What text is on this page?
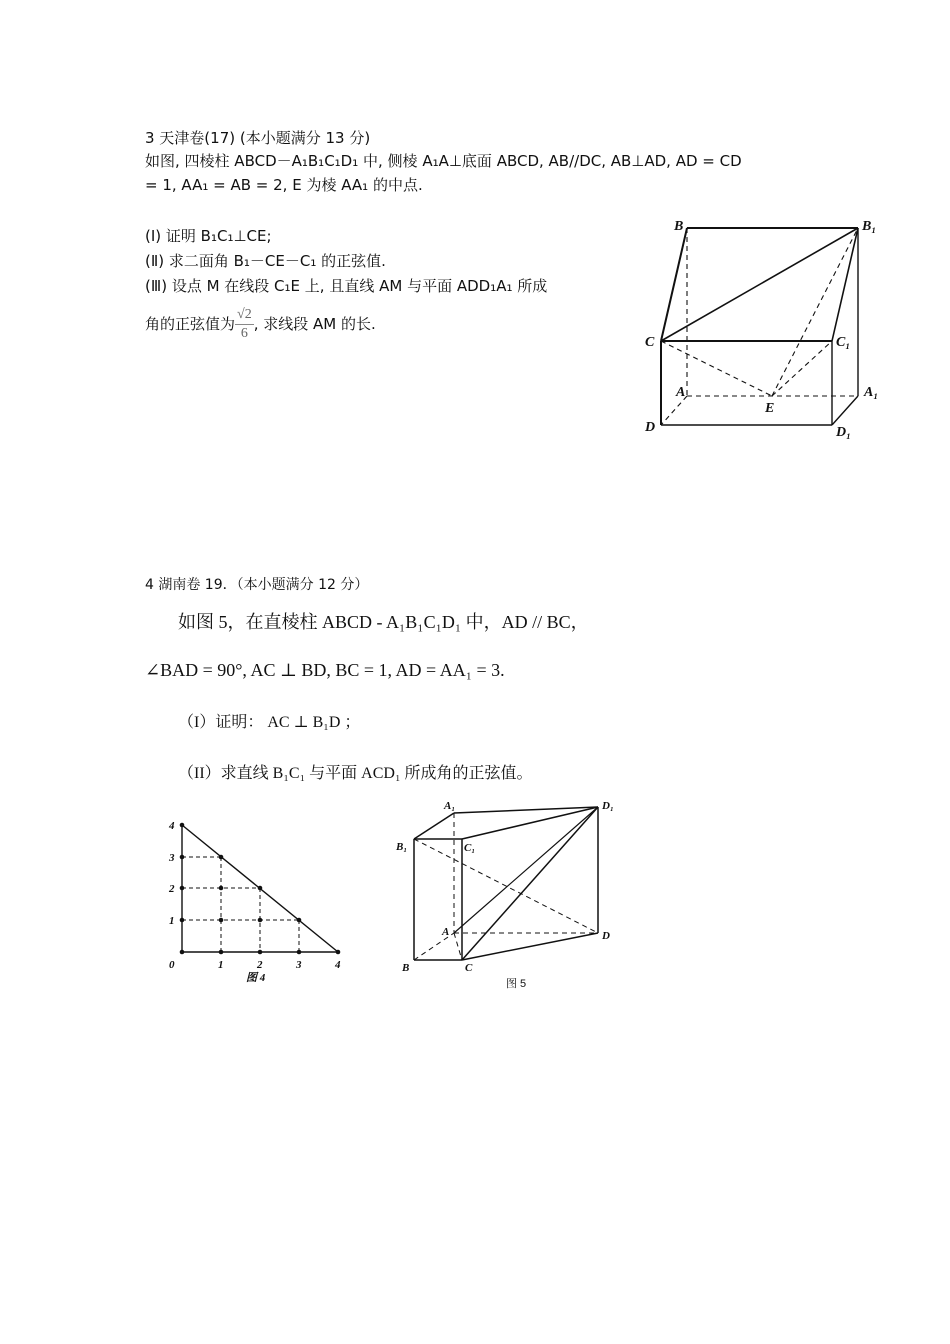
3 天津卷(17) (本小题满分 13 分)
如图, 四棱柱 ABCD－A₁B₁C₁D₁ 中, 侧棱 A₁A⊥底面 ABCD, AB//DC, AB⊥AD, AD = CD
= 1, AA₁ = AB = 2, E 为棱 AA₁ 的中点.
(Ⅰ) 证明 B₁C₁⊥CE;
(Ⅱ) 求二面角 B₁－CE－C₁ 的正弦值.
(Ⅲ) 设点 M 在线段 C₁E 上, 且直线 AM 与平面 ADD₁A₁ 所成
角的正弦值为 $\frac{√2}{6}$ , 求线段 AM 的长.
B	B₁
C	C₁
A	A₁
E
D	D₁
4 湖南卷 19．（本小题满分 12 分）
如图 5，在直棱柱 ABCD - A₁B₁C₁D₁ 中，AD // BC，
∠BAD = 90°, AC ⊥ BD, BC = 1, AD = AA₁ = 3.
（I）证明： AC ⊥ B₁D ；
（II）求直线 B₁C₁ 与平面 ACD₁ 所成角的正弦值。
0	1	2	3	4
1
2
3
4
图 4
A₁	D₁
B₁	C₁
A	D
B	C
图 5
